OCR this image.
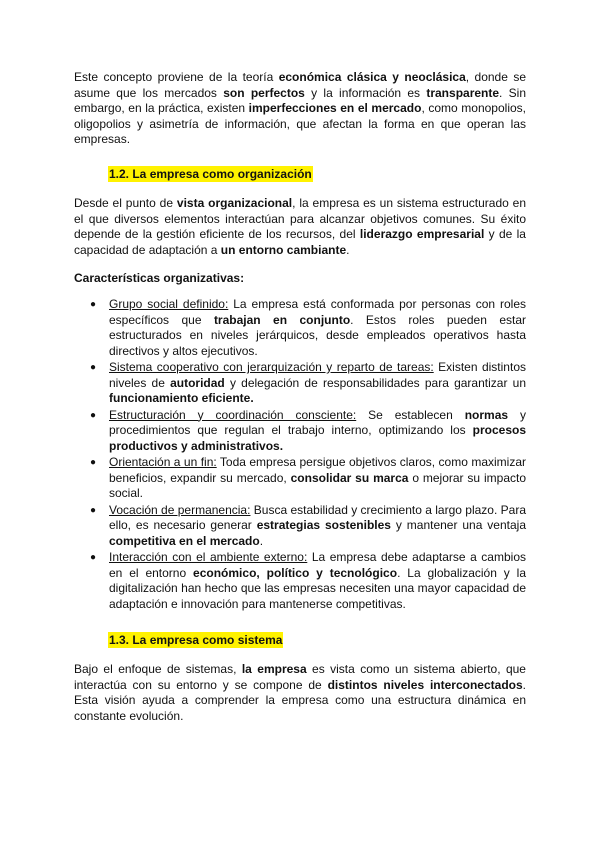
Este concepto proviene de la teoría económica clásica y neoclásica, donde se asume que los mercados son perfectos y la información es transparente. Sin embargo, en la práctica, existen imperfecciones en el mercado, como monopolios, oligopolios y asimetría de información, que afectan la forma en que operan las empresas.

1.2. La empresa como organización

Desde el punto de vista organizacional, la empresa es un sistema estructurado en el que diversos elementos interactúan para alcanzar objetivos comunes. Su éxito depende de la gestión eficiente de los recursos, del liderazgo empresarial y de la capacidad de adaptación a un entorno cambiante.

Características organizativas:

● Grupo social definido: La empresa está conformada por personas con roles específicos que trabajan en conjunto. Estos roles pueden estar estructurados en niveles jerárquicos, desde empleados operativos hasta directivos y altos ejecutivos.
● Sistema cooperativo con jerarquización y reparto de tareas: Existen distintos niveles de autoridad y delegación de responsabilidades para garantizar un funcionamiento eficiente.
● Estructuración y coordinación consciente: Se establecen normas y procedimientos que regulan el trabajo interno, optimizando los procesos productivos y administrativos.
● Orientación a un fin: Toda empresa persigue objetivos claros, como maximizar beneficios, expandir su mercado, consolidar su marca o mejorar su impacto social.
● Vocación de permanencia: Busca estabilidad y crecimiento a largo plazo. Para ello, es necesario generar estrategias sostenibles y mantener una ventaja competitiva en el mercado.
● Interacción con el ambiente externo: La empresa debe adaptarse a cambios en el entorno económico, político y tecnológico. La globalización y la digitalización han hecho que las empresas necesiten una mayor capacidad de adaptación e innovación para mantenerse competitivas.

1.3. La empresa como sistema

Bajo el enfoque de sistemas, la empresa es vista como un sistema abierto, que interactúa con su entorno y se compone de distintos niveles interconectados. Esta visión ayuda a comprender la empresa como una estructura dinámica en constante evolución.
